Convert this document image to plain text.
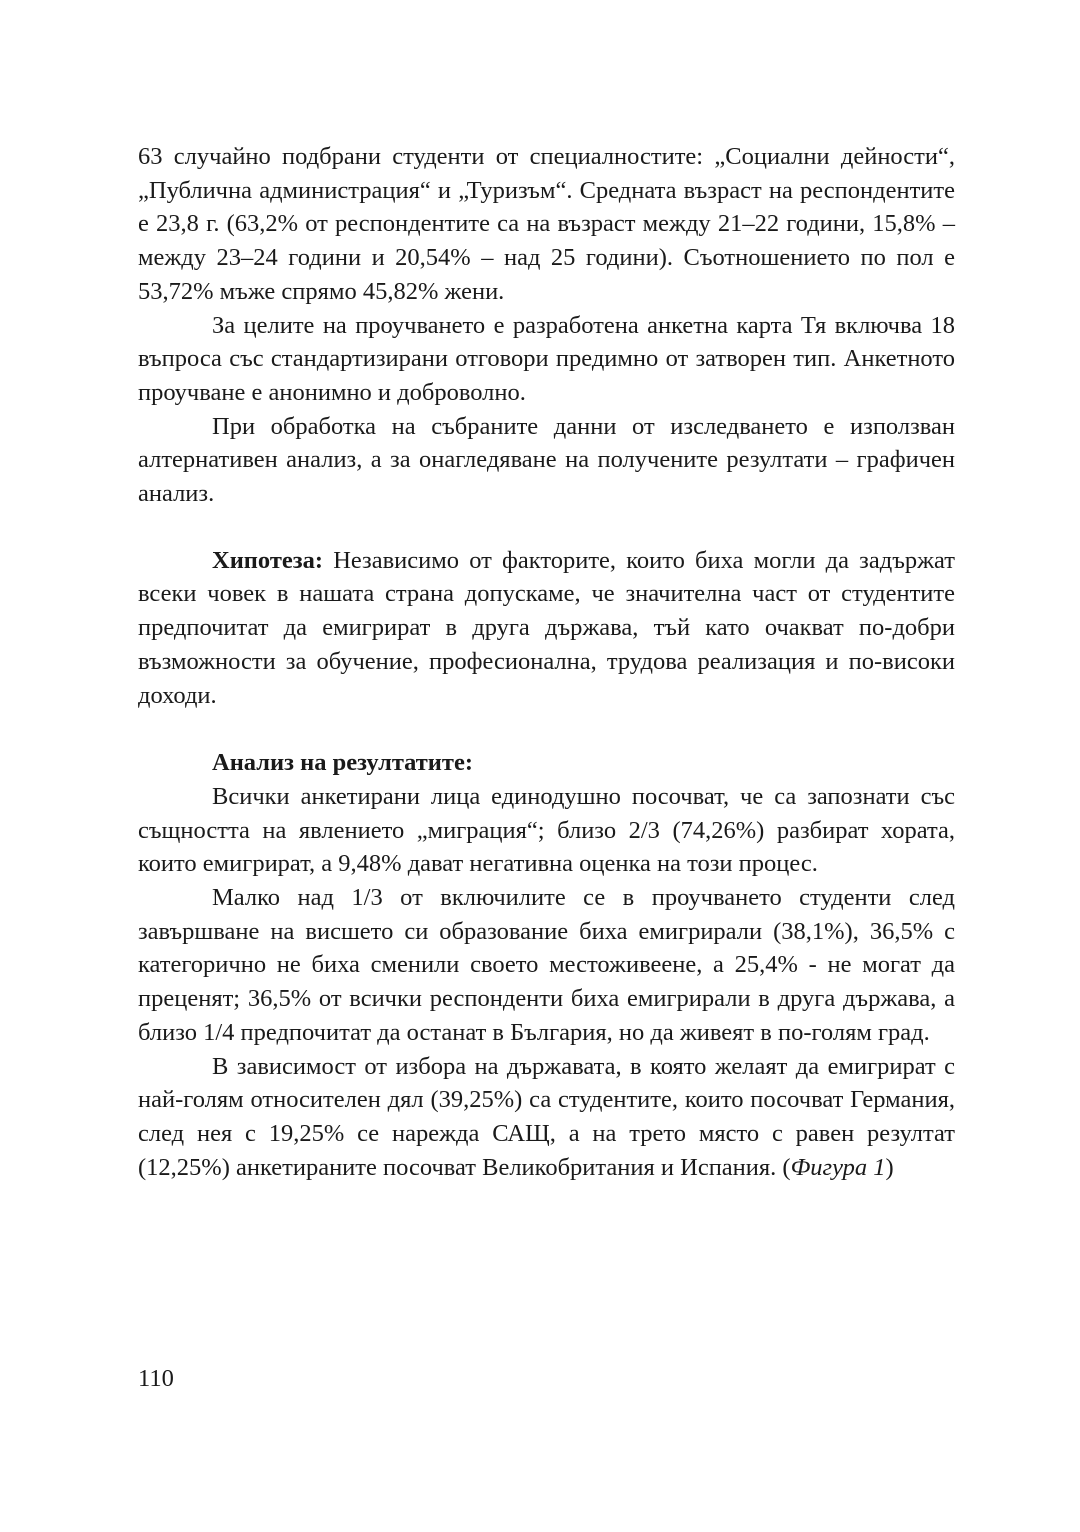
63 случайно подбрани студенти от специалностите: „Социални дейности“, „Публична администрация“ и „Туризъм“. Средната възраст на респондентите е 23,8 г. (63,2% от респондентите са на възраст между 21–22 години, 15,8% – между 23–24 години и 20,54% – над 25 години). Съотношението по пол е 53,72% мъже спрямо 45,82% жени.

За целите на проучването е разработена анкетна карта Тя включва 18 въпроса със стандартизирани отговори предимно от затворен тип. Анкетното проучване е анонимно и доброволно.

При обработка на събраните данни от изследването е използван алтернативен анализ, а за онагледяване на получените резултати – графичен анализ.

Хипотеза: Независимо от факторите, които биха могли да задържат всеки човек в нашата страна допускаме, че значителна част от студентите предпочитат да емигрират в друга държава, тъй като очакват по-добри възможности за обучение, професионална, трудова реализация и по-високи доходи.

Анализ на резултатите:

Всички анкетирани лица единодушно посочват, че са запознати със същността на явлението „миграция“; близо 2/3 (74,26%) разбират хората, които емигрират, а 9,48% дават негативна оценка на този процес.

Малко над 1/3 от включилите се в проучването студенти след завършване на висшето си образование биха емигрирали (38,1%), 36,5% с категорично не биха сменили своето местоживеене, а 25,4% - не могат да преценят; 36,5% от всички респонденти биха емигрирали в друга държава, а близо 1/4 предпочитат да останат в България, но да живеят в по-голям град.

В зависимост от избора на държавата, в която желаят да емигрират с най-голям относителен дял (39,25%) са студентите, които посочват Германия, след нея с 19,25% се нарежда САЩ, а на трето място с равен резултат (12,25%) анкетираните посочват Великобритания и Испания. (Фигура 1)

110
